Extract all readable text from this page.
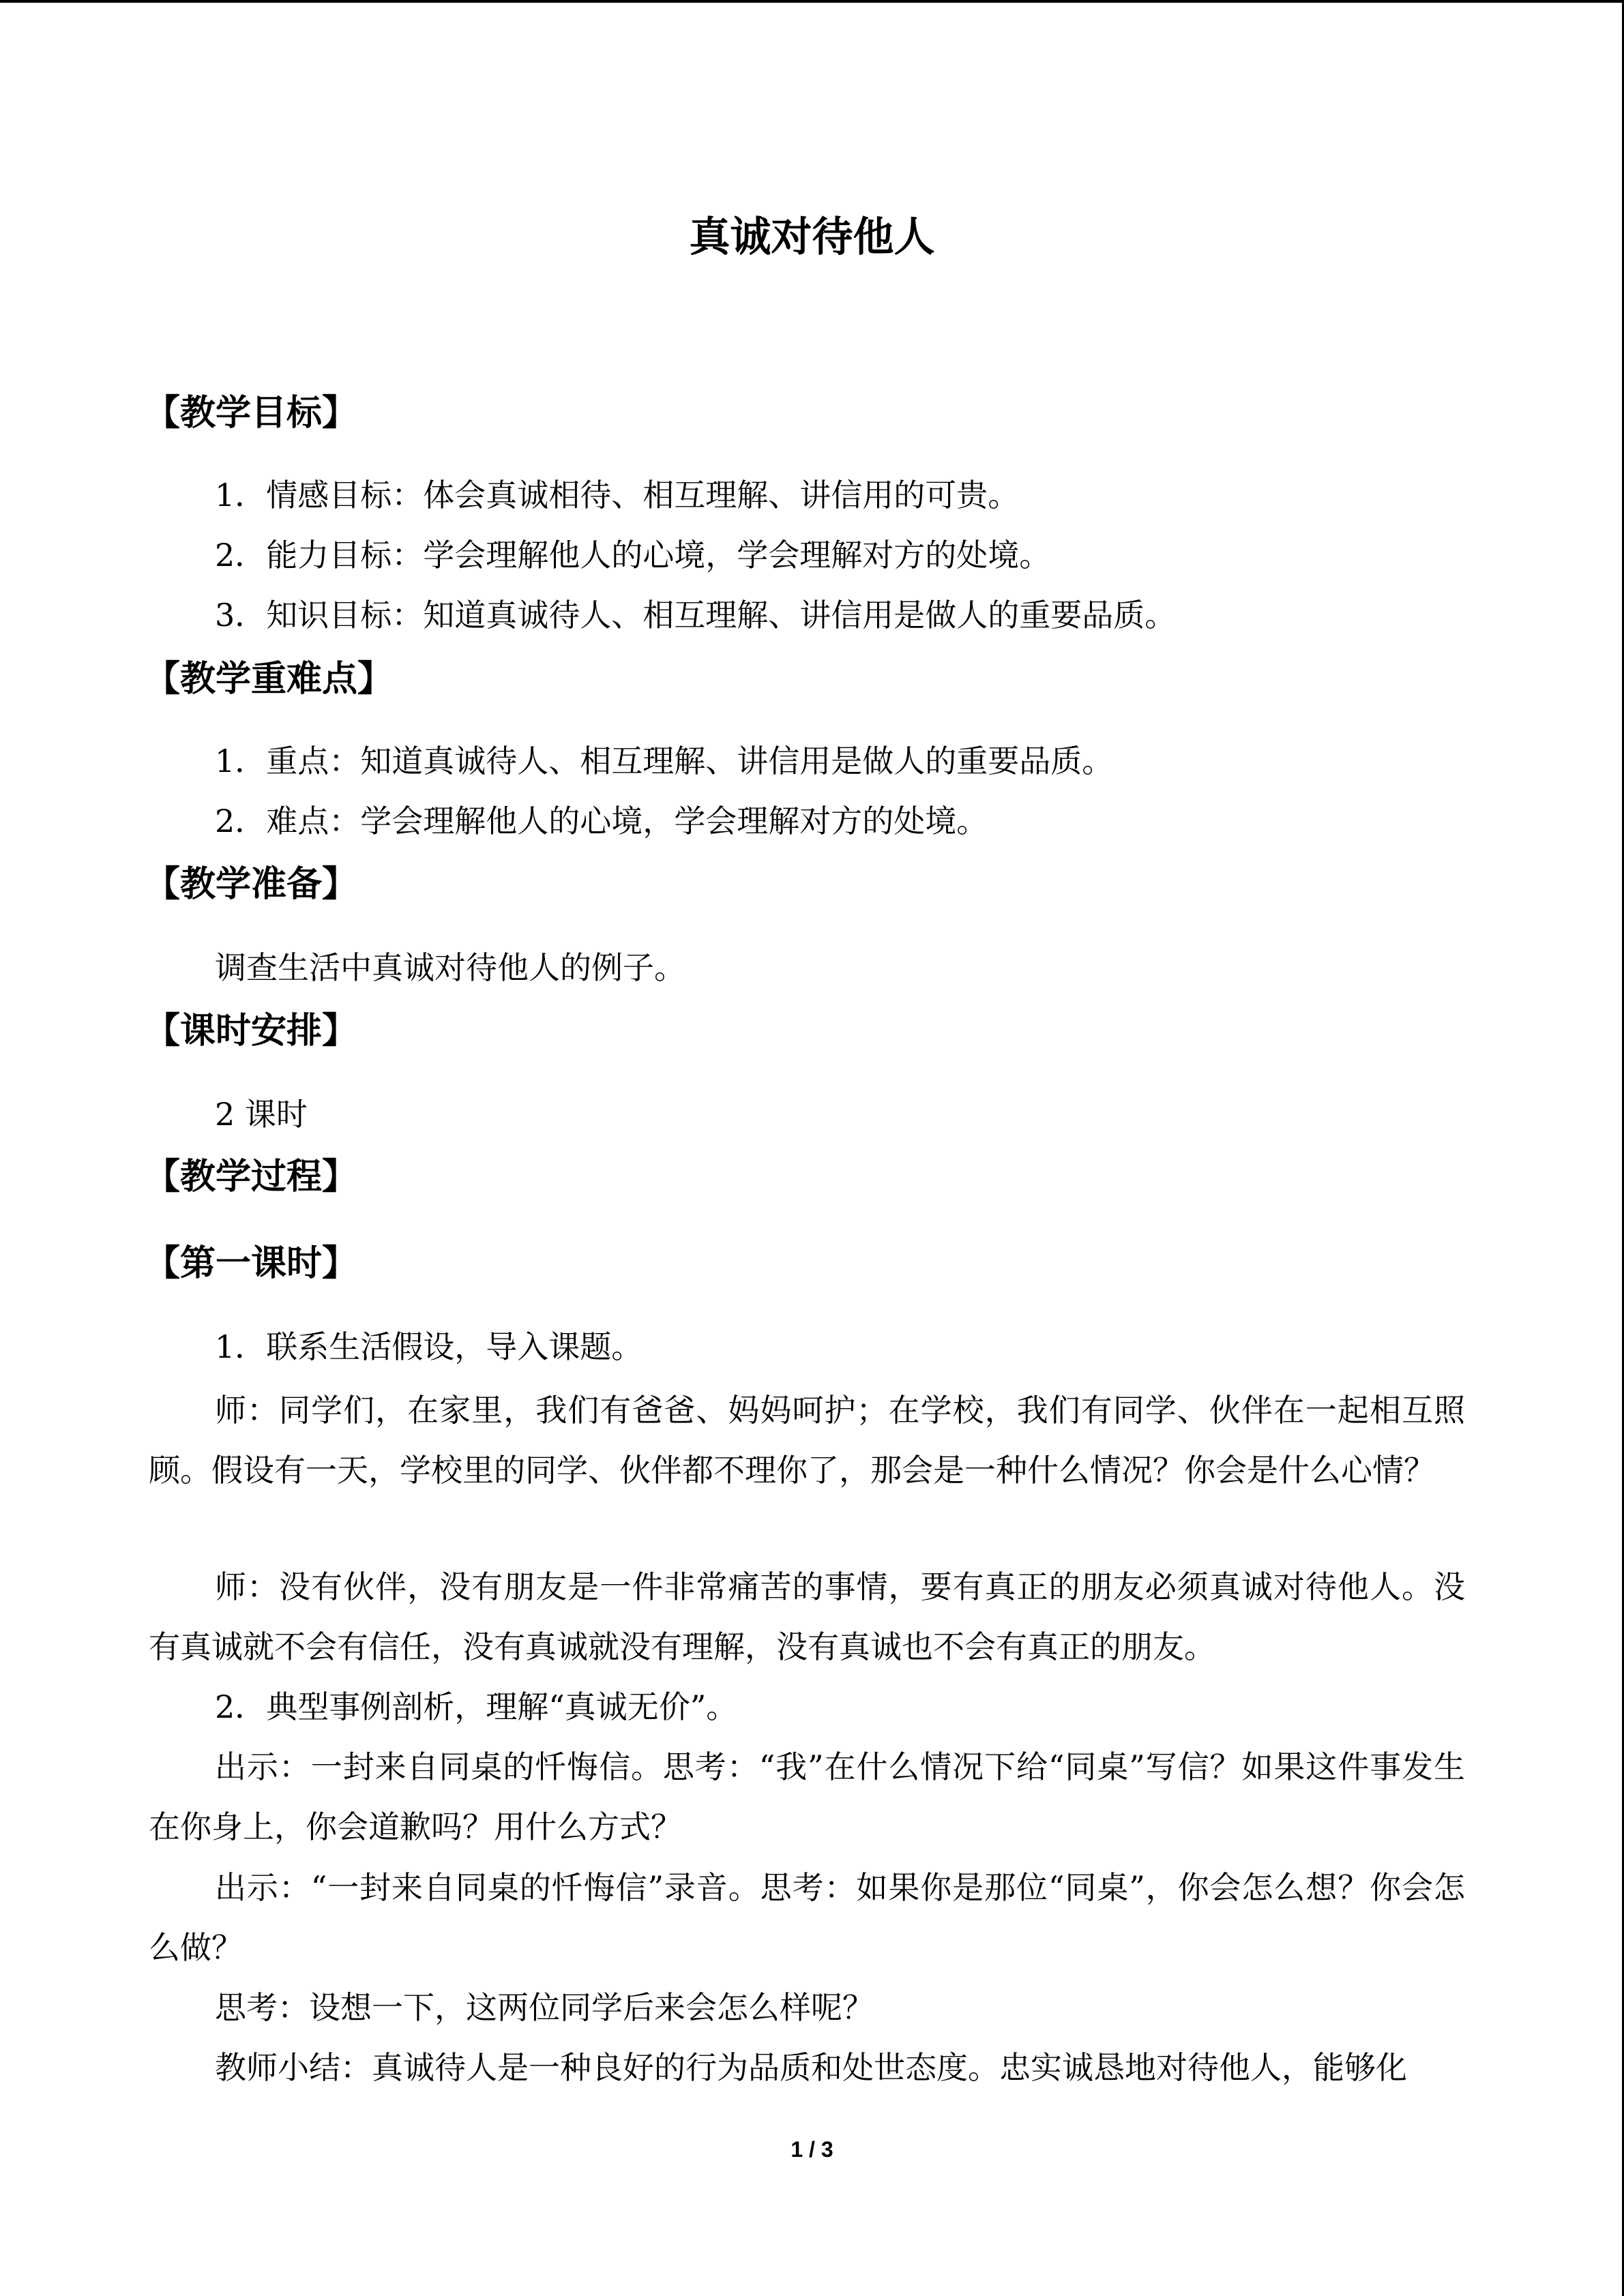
真诚对待他人
【教学目标】
1．情感目标：体会真诚相待、相互理解、讲信用的可贵。
2．能力目标：学会理解他人的心境，学会理解对方的处境。
3．知识目标：知道真诚待人、相互理解、讲信用是做人的重要品质。
【教学重难点】
1．重点：知道真诚待人、相互理解、讲信用是做人的重要品质。
2．难点：学会理解他人的心境，学会理解对方的处境。
【教学准备】
调查生活中真诚对待他人的例子。
【课时安排】
2 课时
【教学过程】
【第一课时】
1．联系生活假设，导入课题。
师：同学们，在家里，我们有爸爸、妈妈呵护；在学校，我们有同学、伙伴在一起相互照顾。假设有一天，学校里的同学、伙伴都不理你了，那会是一种什么情况？你会是什么心情？
师：没有伙伴，没有朋友是一件非常痛苦的事情，要有真正的朋友必须真诚对待他人。没有真诚就不会有信任，没有真诚就没有理解，没有真诚也不会有真正的朋友。
2．典型事例剖析，理解“真诚无价”。
出示：一封来自同桌的忏悔信。思考：“我”在什么情况下给“同桌”写信？如果这件事发生在你身上，你会道歉吗？用什么方式？
出示：“一封来自同桌的忏悔信”录音。思考：如果你是那位“同桌”，你会怎么想？你会怎么做？
思考：设想一下，这两位同学后来会怎么样呢？
教师小结：真诚待人是一种良好的行为品质和处世态度。忠实诚恳地对待他人，能够化
1 / 3
